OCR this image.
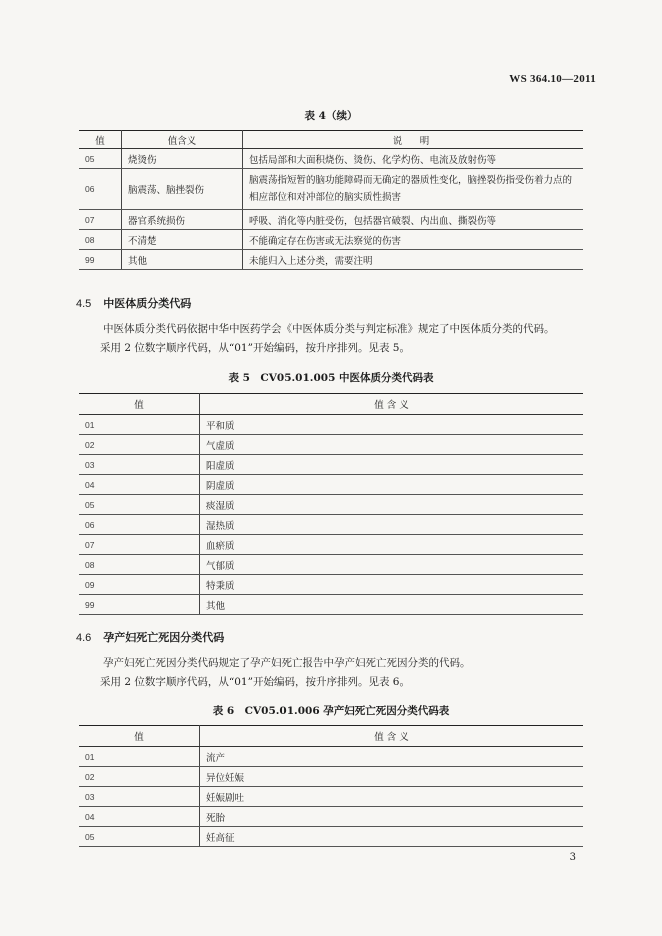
WS 364.10—2011
表 4（续）
值	值含义	说　明
05	烧烫伤	包括局部和大面积烧伤、烫伤、化学灼伤、电流及放射伤等
06	脑震荡、脑挫裂伤	脑震荡指短暂的脑功能障碍而无确定的器质性变化，脑挫裂伤指受伤着力点的相应部位和对冲部位的脑实质性损害
07	器官系统损伤	呼吸、消化等内脏受伤，包括器官破裂、内出血、撕裂伤等
08	不清楚	不能确定存在伤害或无法察觉的伤害
99	其他	未能归入上述分类，需要注明
4.5 中医体质分类代码
中医体质分类代码依据中华中医药学会《中医体质分类与判定标准》规定了中医体质分类的代码。
采用 2 位数字顺序代码，从“01”开始编码，按升序排列。见表 5。
表 5　CV05.01.005 中医体质分类代码表
值	值 含 义
01	平和质
02	气虚质
03	阳虚质
04	阴虚质
05	痰湿质
06	湿热质
07	血瘀质
08	气郁质
09	特秉质
99	其他
4.6 孕产妇死亡死因分类代码
孕产妇死亡死因分类代码规定了孕产妇死亡报告中孕产妇死亡死因分类的代码。
采用 2 位数字顺序代码，从“01”开始编码，按升序排列。见表 6。
表 6　CV05.01.006 孕产妇死亡死因分类代码表
值	值 含 义
01	流产
02	异位妊娠
03	妊娠剧吐
04	死胎
05	妊高征
3
